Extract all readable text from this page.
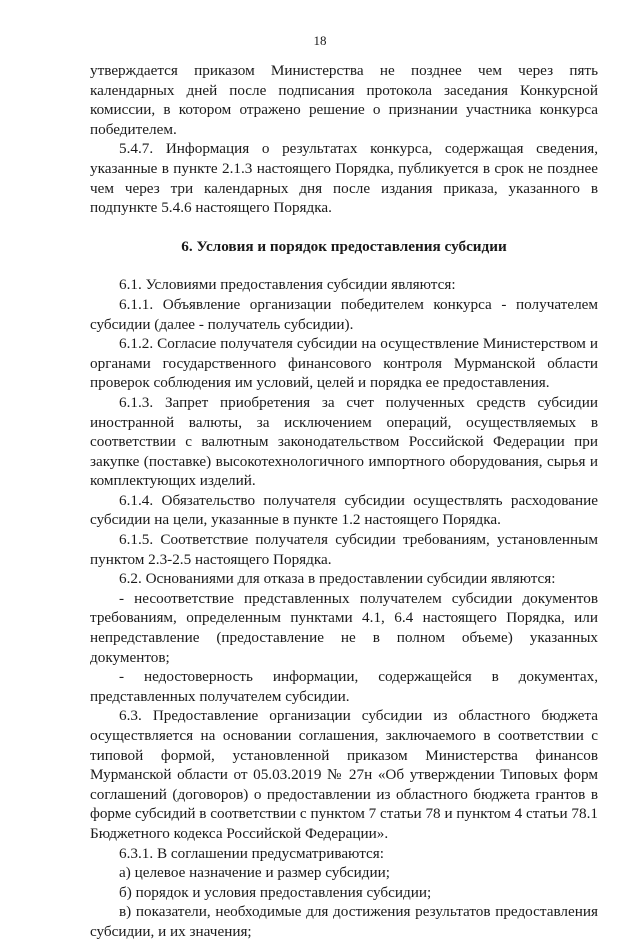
18

утверждается приказом Министерства не позднее чем через пять календарных дней после подписания протокола заседания Конкурсной комиссии, в котором отражено решение о признании участника конкурса победителем.

5.4.7. Информация о результатах конкурса, содержащая сведения, указанные в пункте 2.1.3 настоящего Порядка, публикуется в срок не позднее чем через три календарных дня после издания приказа, указанного в подпункте 5.4.6 настоящего Порядка.

6. Условия и порядок предоставления субсидии

6.1. Условиями предоставления субсидии являются:

6.1.1. Объявление организации победителем конкурса - получателем субсидии (далее - получатель субсидии).

6.1.2. Согласие получателя субсидии на осуществление Министерством и органами государственного финансового контроля Мурманской области проверок соблюдения им условий, целей и порядка ее предоставления.

6.1.3. Запрет приобретения за счет полученных средств субсидии иностранной валюты, за исключением операций, осуществляемых в соответствии с валютным законодательством Российской Федерации при закупке (поставке) высокотехнологичного импортного оборудования, сырья и комплектующих изделий.

6.1.4. Обязательство получателя субсидии осуществлять расходование субсидии на цели, указанные в пункте 1.2 настоящего Порядка.

6.1.5. Соответствие получателя субсидии требованиям, установленным пунктом 2.3-2.5 настоящего Порядка.

6.2. Основаниями для отказа в предоставлении субсидии являются:

- несоответствие представленных получателем субсидии документов требованиям, определенным пунктами 4.1, 6.4 настоящего Порядка, или непредставление (предоставление не в полном объеме) указанных документов;

- недостоверность информации, содержащейся в документах, представленных получателем субсидии.

6.3. Предоставление организации субсидии из областного бюджета осуществляется на основании соглашения, заключаемого в соответствии с типовой формой, установленной приказом Министерства финансов Мурманской области от 05.03.2019 № 27н «Об утверждении Типовых форм соглашений (договоров) о предоставлении из областного бюджета грантов в форме субсидий в соответствии с пунктом 7 статьи 78 и пунктом 4 статьи 78.1 Бюджетного кодекса Российской Федерации».

6.3.1. В соглашении предусматриваются:

а) целевое назначение и размер субсидии;

б) порядок и условия предоставления субсидии;

в) показатели, необходимые для достижения результатов предоставления субсидии, и их значения;
